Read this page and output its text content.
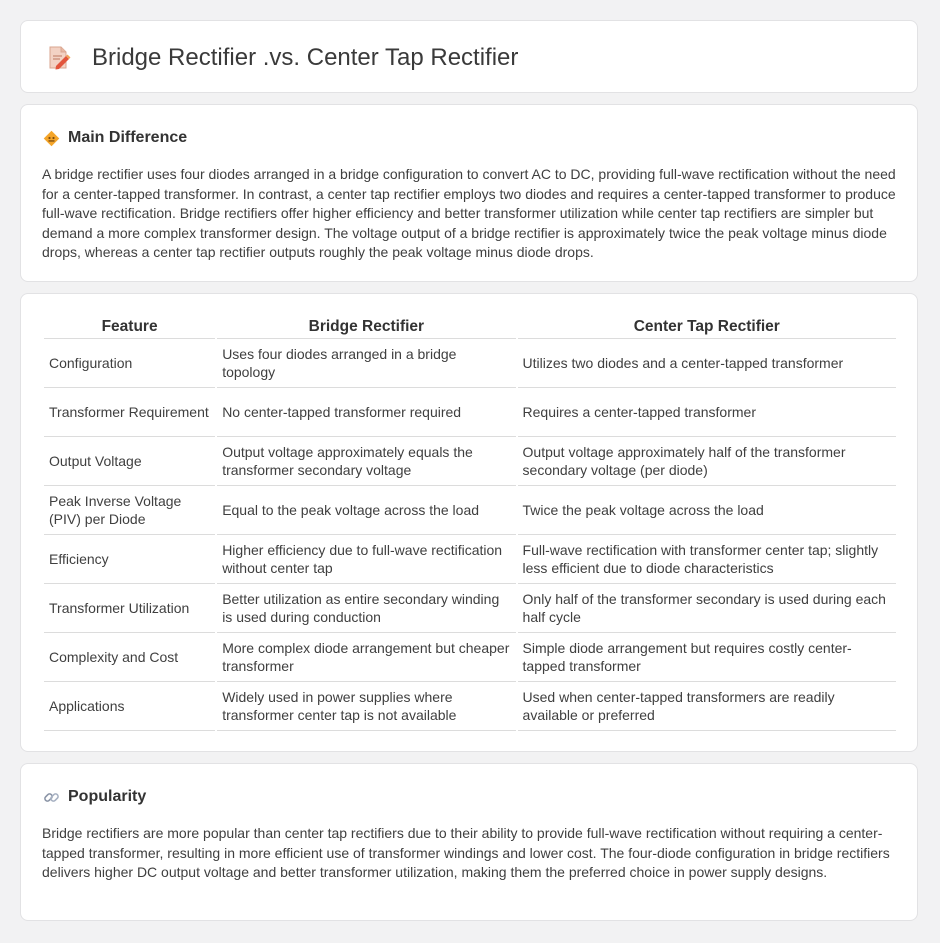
Bridge Rectifier .vs. Center Tap Rectifier
Main Difference

A bridge rectifier uses four diodes arranged in a bridge configuration to convert AC to DC, providing full-wave rectification without the need for a center-tapped transformer. In contrast, a center tap rectifier employs two diodes and requires a center-tapped transformer to produce full-wave rectification. Bridge rectifiers offer higher efficiency and better transformer utilization while center tap rectifiers are simpler but demand a more complex transformer design. The voltage output of a bridge rectifier is approximately twice the peak voltage minus diode drops, whereas a center tap rectifier outputs roughly the peak voltage minus diode drops.

Feature	Bridge Rectifier	Center Tap Rectifier
Configuration	Uses four diodes arranged in a bridge topology	Utilizes two diodes and a center-tapped transformer
Transformer Requirement	No center-tapped transformer required	Requires a center-tapped transformer
Output Voltage	Output voltage approximately equals the transformer secondary voltage	Output voltage approximately half of the transformer secondary voltage (per diode)
Peak Inverse Voltage (PIV) per Diode	Equal to the peak voltage across the load	Twice the peak voltage across the load
Efficiency	Higher efficiency due to full-wave rectification without center tap	Full-wave rectification with transformer center tap; slightly less efficient due to diode characteristics
Transformer Utilization	Better utilization as entire secondary winding is used during conduction	Only half of the transformer secondary is used during each half cycle
Complexity and Cost	More complex diode arrangement but cheaper transformer	Simple diode arrangement but requires costly center-tapped transformer
Applications	Widely used in power supplies where transformer center tap is not available	Used when center-tapped transformers are readily available or preferred
Popularity

Bridge rectifiers are more popular than center tap rectifiers due to their ability to provide full-wave rectification without requiring a center-tapped transformer, resulting in more efficient use of transformer windings and lower cost. The four-diode configuration in bridge rectifiers delivers higher DC output voltage and better transformer utilization, making them the preferred choice in power supply designs.
